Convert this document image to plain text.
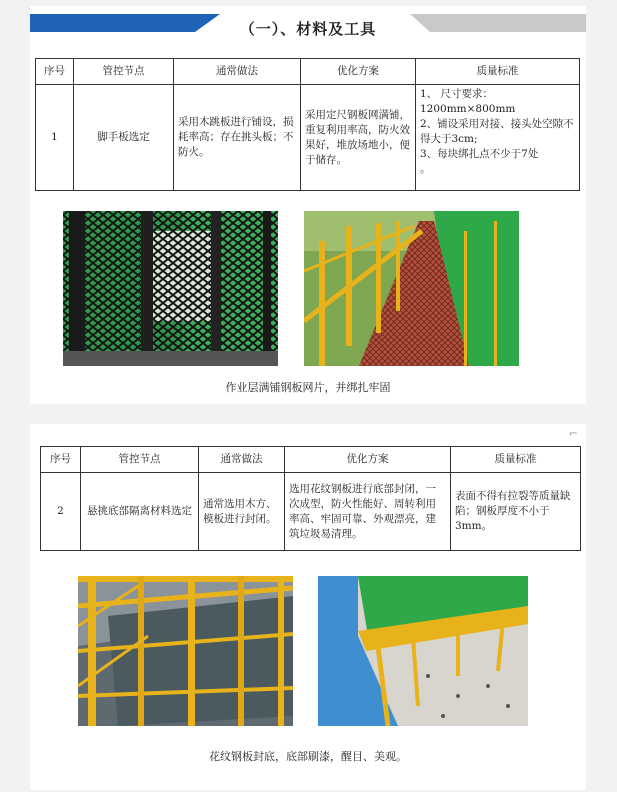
（一）、材料及工具
序号	管控节点	通常做法	优化方案	质量标准
1	脚手板选定	采用木跳板进行铺设，损耗率高；存在挑头板；不防火。	采用定尺钢板网满铺，重复利用率高，防火效果好，堆放场地小，便于储存。	1、 尺寸要求：
1200mm×800mm
2、铺设采用对接、接头处空隙不得大于3cm;
3、每块绑扎点不少于7处
。
作业层满铺钢板网片，并绑扎牢固
⌐
序号	管控节点	通常做法	优化方案	质量标准
2	悬挑底部隔离材料选定	通常选用木方、模板进行封闭。	选用花纹钢板进行底部封闭，一次成型，防火性能好、周转利用率高、牢固可靠、外观漂亮，建筑垃圾易清理。	表面不得有拉裂等质量缺陷；钢板厚度不小于3mm。
花纹钢板封底，底部刷漆，醒目、美观。
